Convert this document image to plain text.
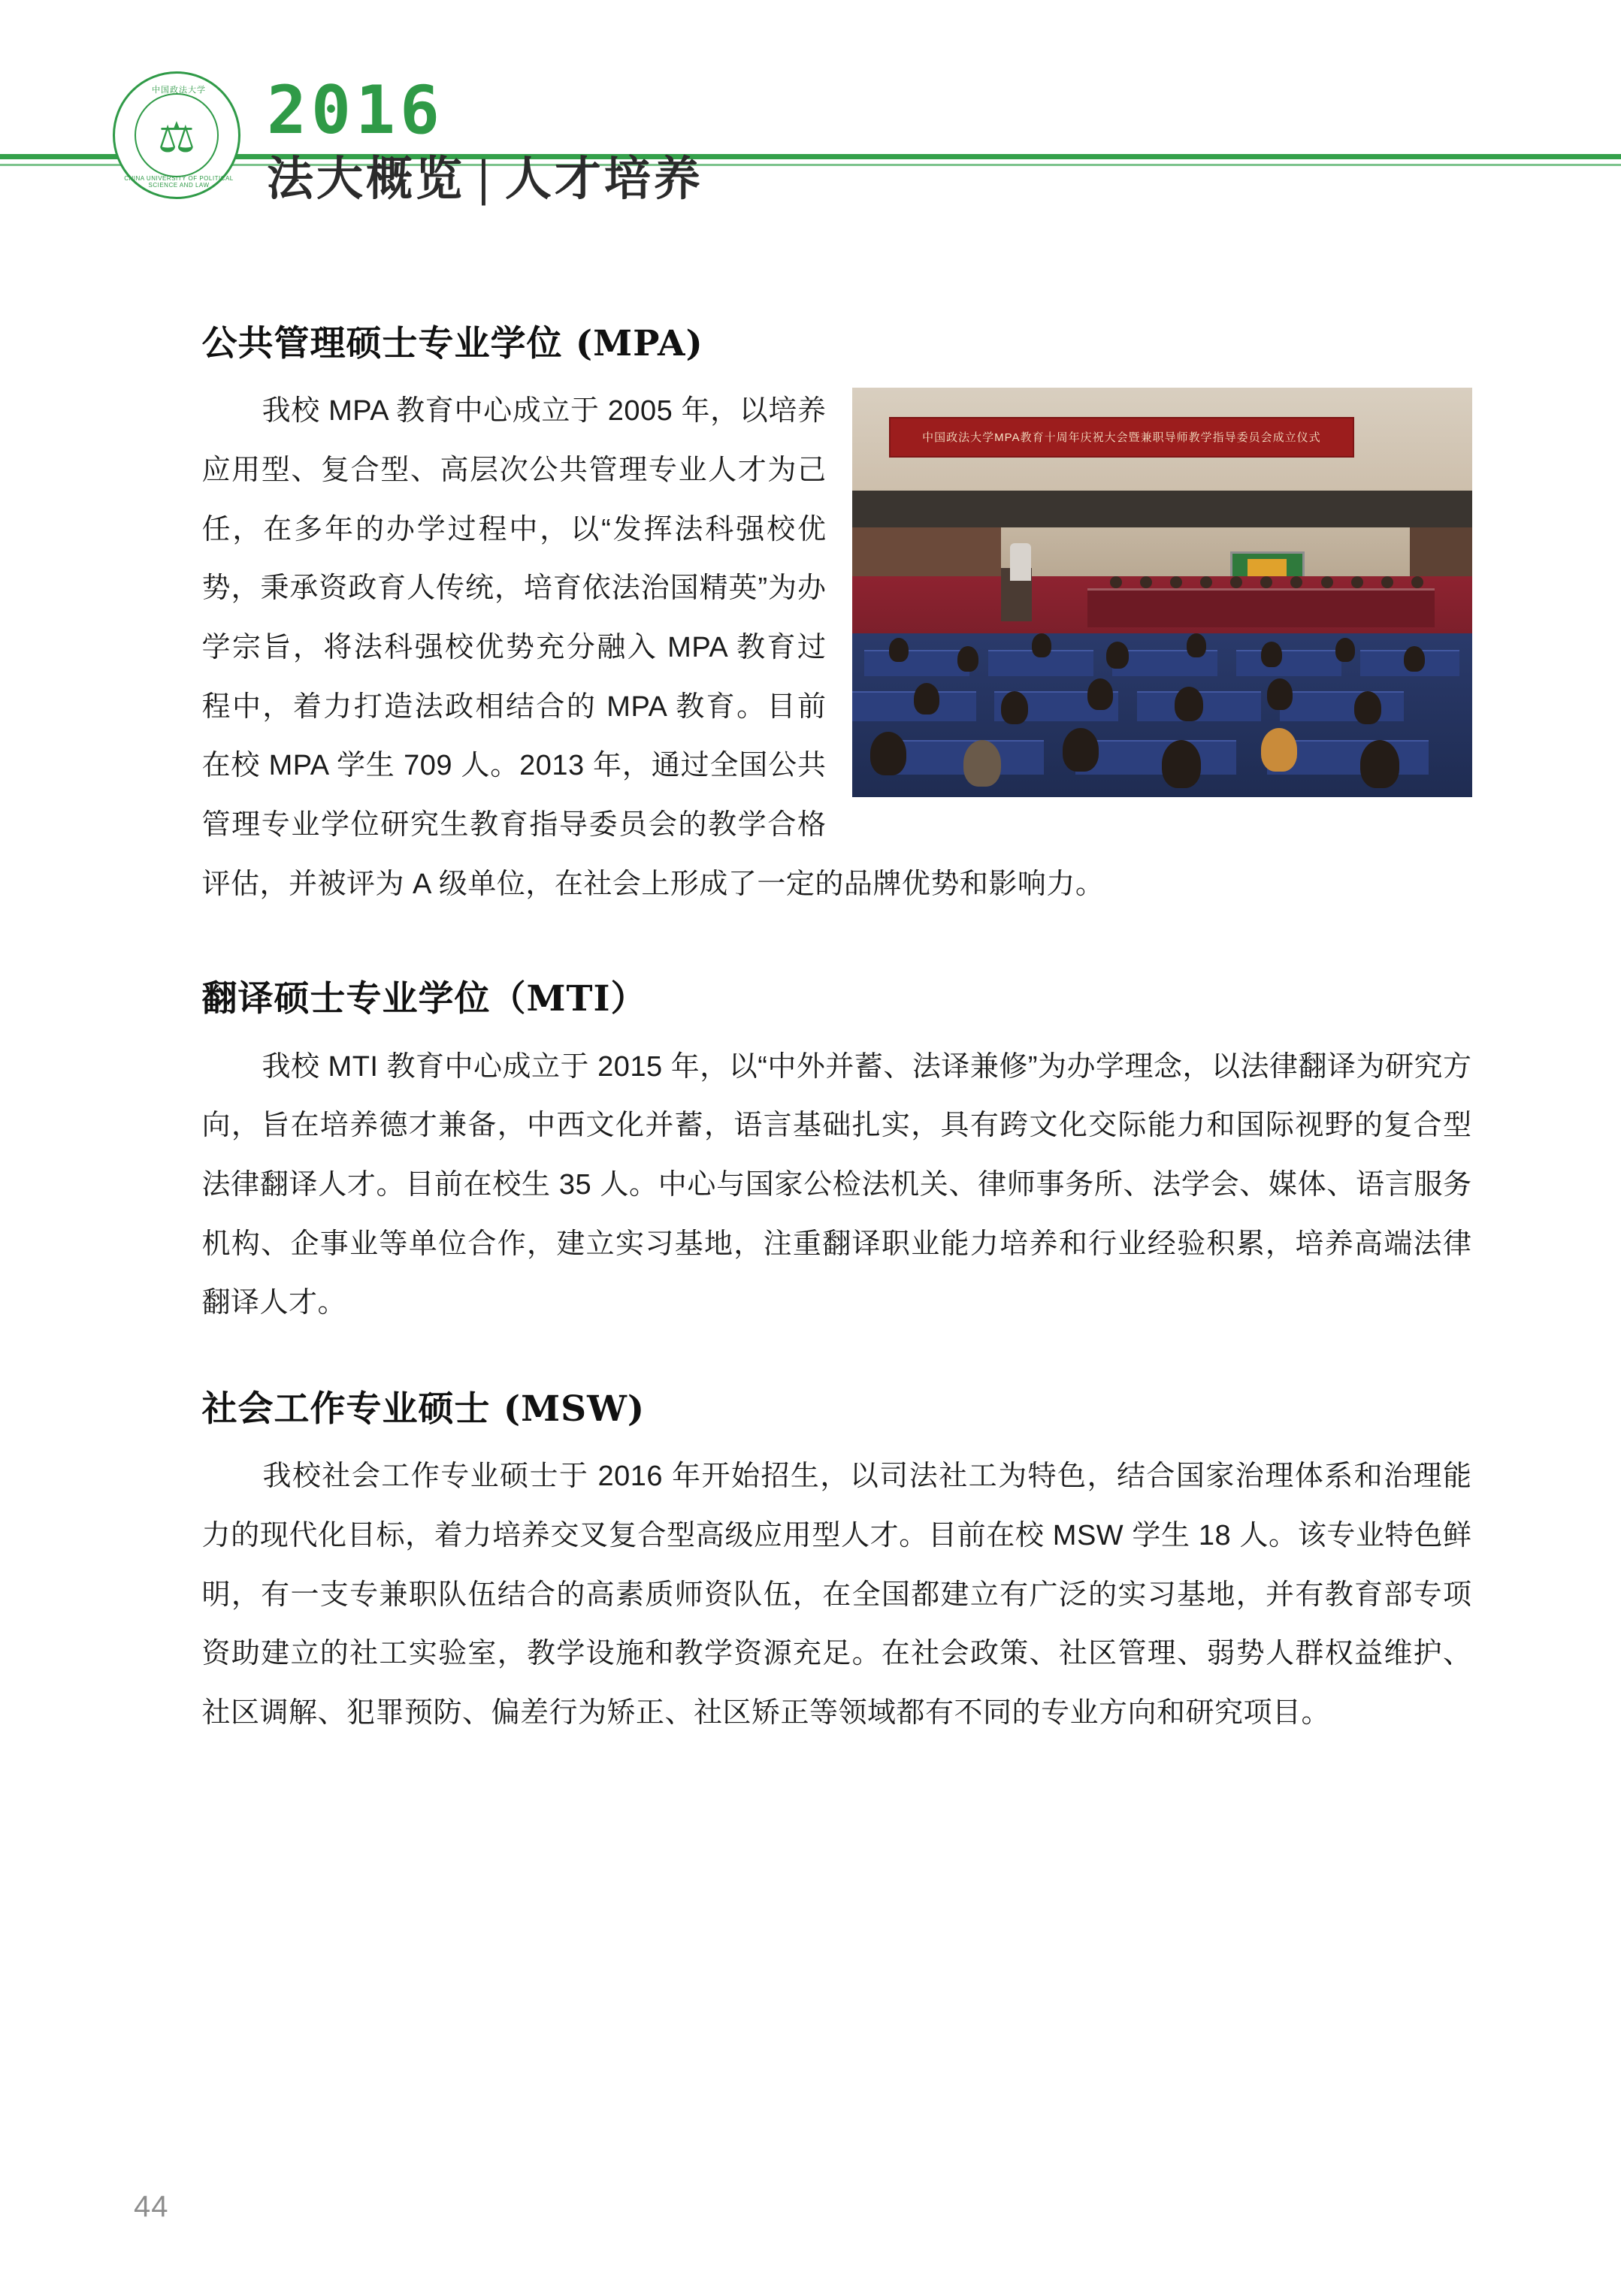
中国政法大学
⚖
CHINA UNIVERSITY OF POLITICAL SCIENCE AND LAW
2016
法大概览 | 人才培养
公共管理硕士专业学位 (MPA)
中国政法大学MPA教育十周年庆祝大会暨兼职导师教学指导委员会成立仪式

我校 MPA 教育中心成立于 2005 年，以培养应用型、复合型、高层次公共管理专业人才为己任，在多年的办学过程中，以“发挥法科强校优势，秉承资政育人传统，培育依法治国精英”为办学宗旨，将法科强校优势充分融入 MPA 教育过程中，着力打造法政相结合的 MPA 教育。目前在校 MPA 学生 709 人。2013 年，通过全国公共管理专业学位研究生教育指导委员会的教学合格评估，并被评为 A 级单位，在社会上形成了一定的品牌优势和影响力。

翻译硕士专业学位（MTI）

我校 MTI 教育中心成立于 2015 年，以“中外并蓄、法译兼修”为办学理念，以法律翻译为研究方向，旨在培养德才兼备，中西文化并蓄，语言基础扎实，具有跨文化交际能力和国际视野的复合型法律翻译人才。目前在校生 35 人。中心与国家公检法机关、律师事务所、法学会、媒体、语言服务机构、企事业等单位合作，建立实习基地，注重翻译职业能力培养和行业经验积累，培养高端法律翻译人才。

社会工作专业硕士 (MSW)

我校社会工作专业硕士于 2016 年开始招生，以司法社工为特色，结合国家治理体系和治理能力的现代化目标，着力培养交叉复合型高级应用型人才。目前在校 MSW 学生 18 人。该专业特色鲜明，有一支专兼职队伍结合的高素质师资队伍，在全国都建立有广泛的实习基地，并有教育部专项资助建立的社工实验室，教学设施和教学资源充足。在社会政策、社区管理、弱势人群权益维护、社区调解、犯罪预防、偏差行为矫正、社区矫正等领域都有不同的专业方向和研究项目。

44
